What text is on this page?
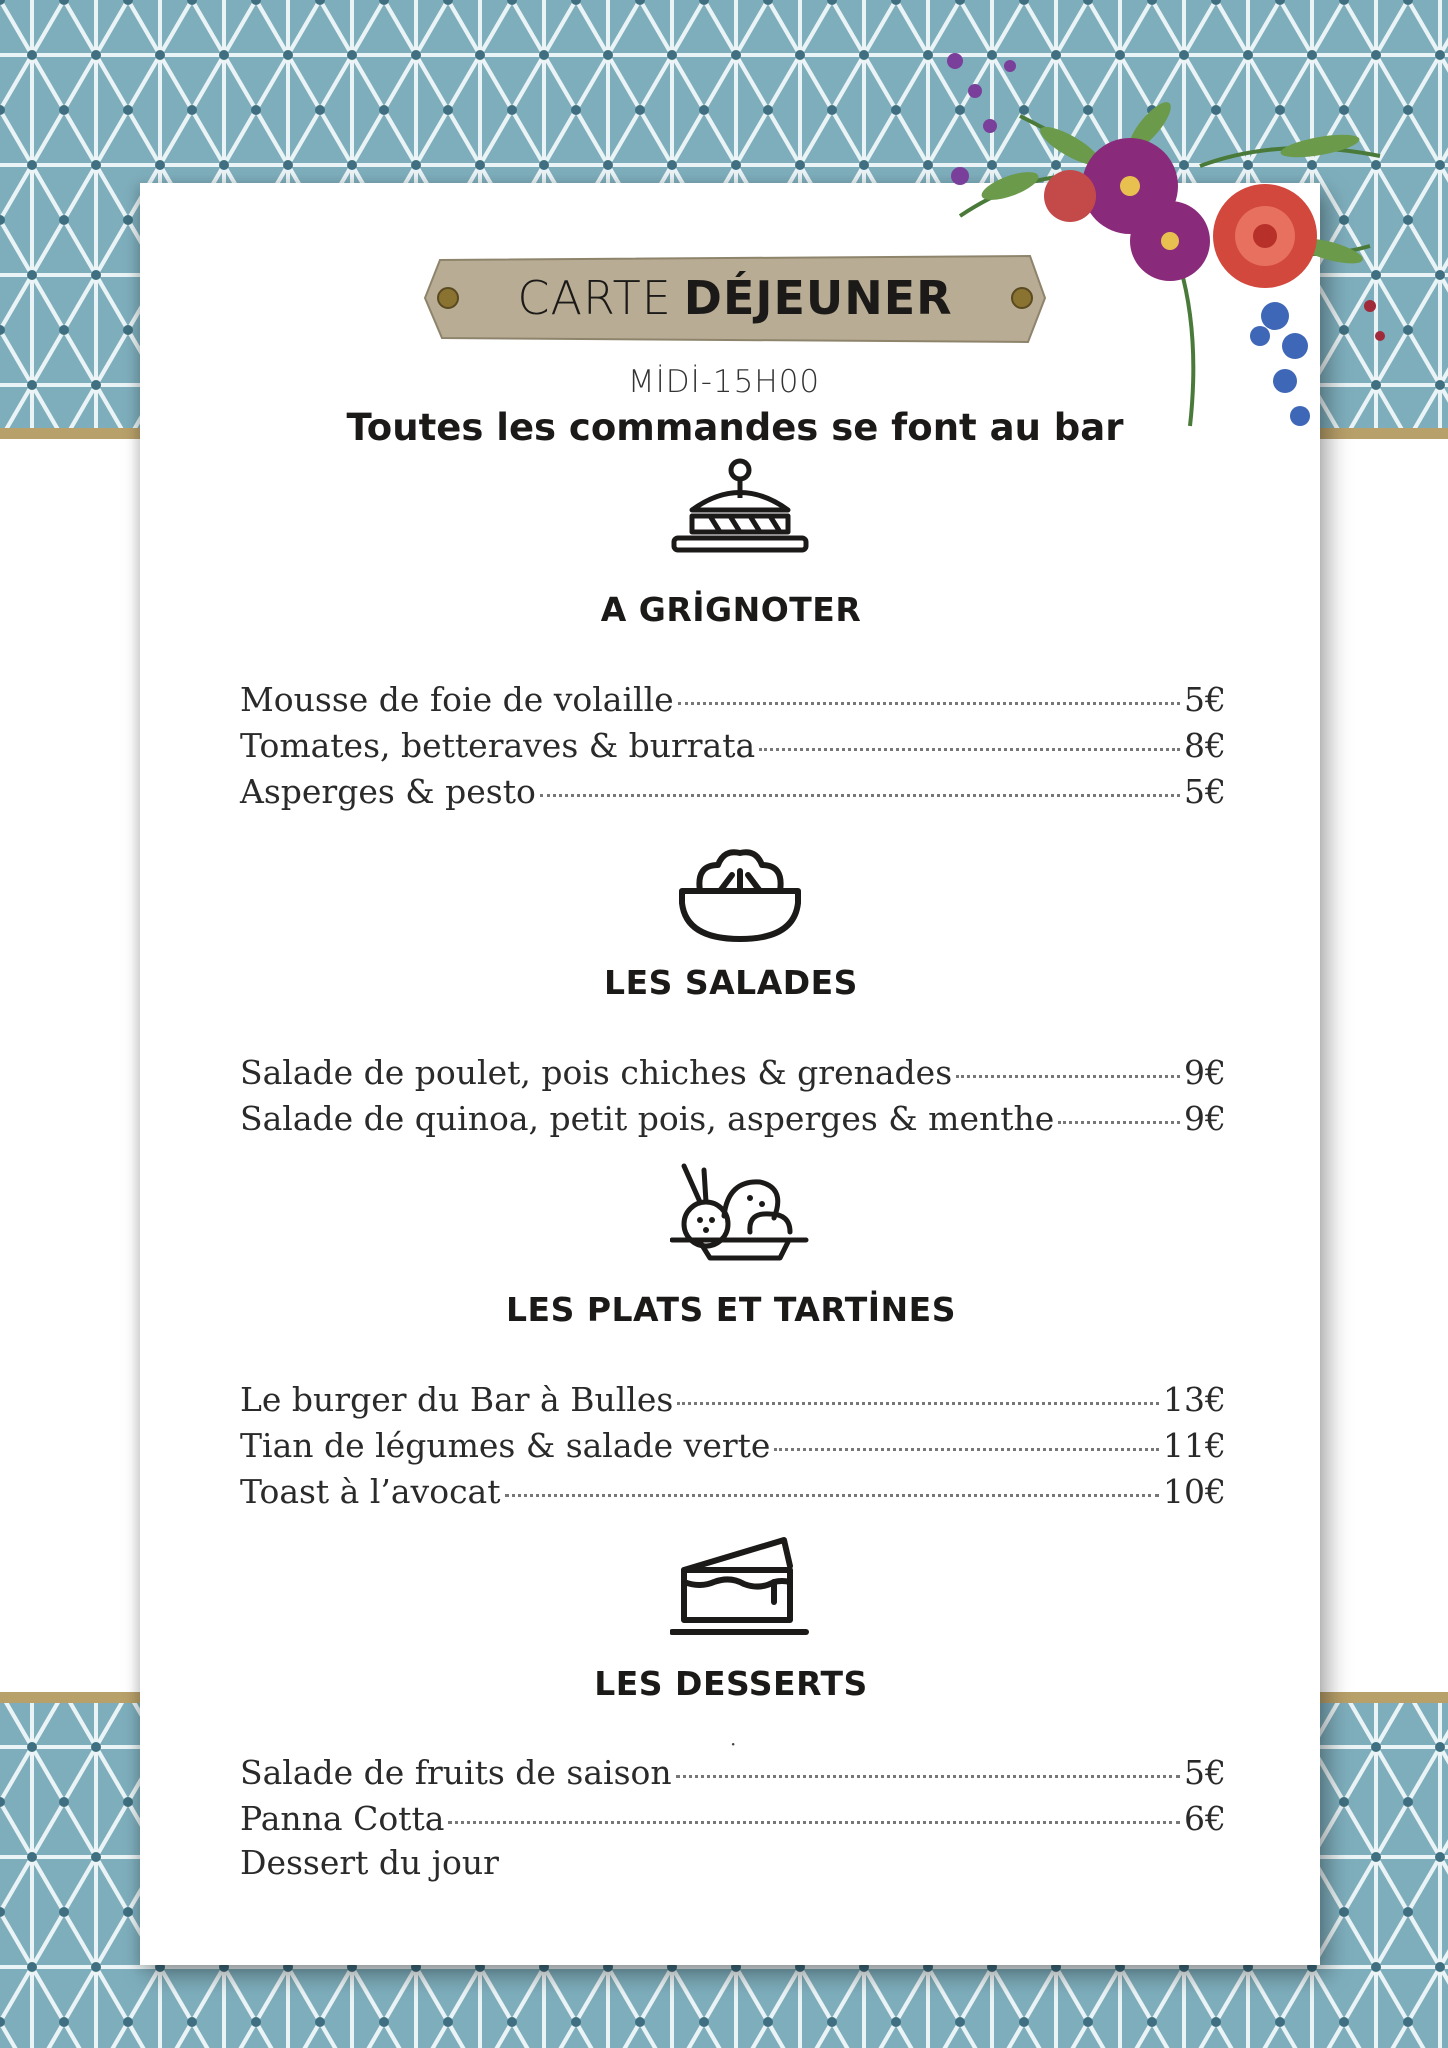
CARTE DÉJEUNER
MİDİ-15H00
Toutes les commandes se font au bar
A GRİGNOTER
Mousse de foie de volaille	5€
Tomates, betteraves & burrata	8€
Asperges & pesto	5€
LES SALADES
Salade de poulet, pois chiches & grenades	9€
Salade de quinoa, petit pois, asperges & menthe	9€
LES PLATS ET TARTİNES
Le burger du Bar à Bulles	13€
Tian de légumes & salade verte	11€
Toast à l’avocat	10€
LES DESSERTS
·
Salade de fruits de saison	5€
Panna Cotta	6€
Dessert du jour
